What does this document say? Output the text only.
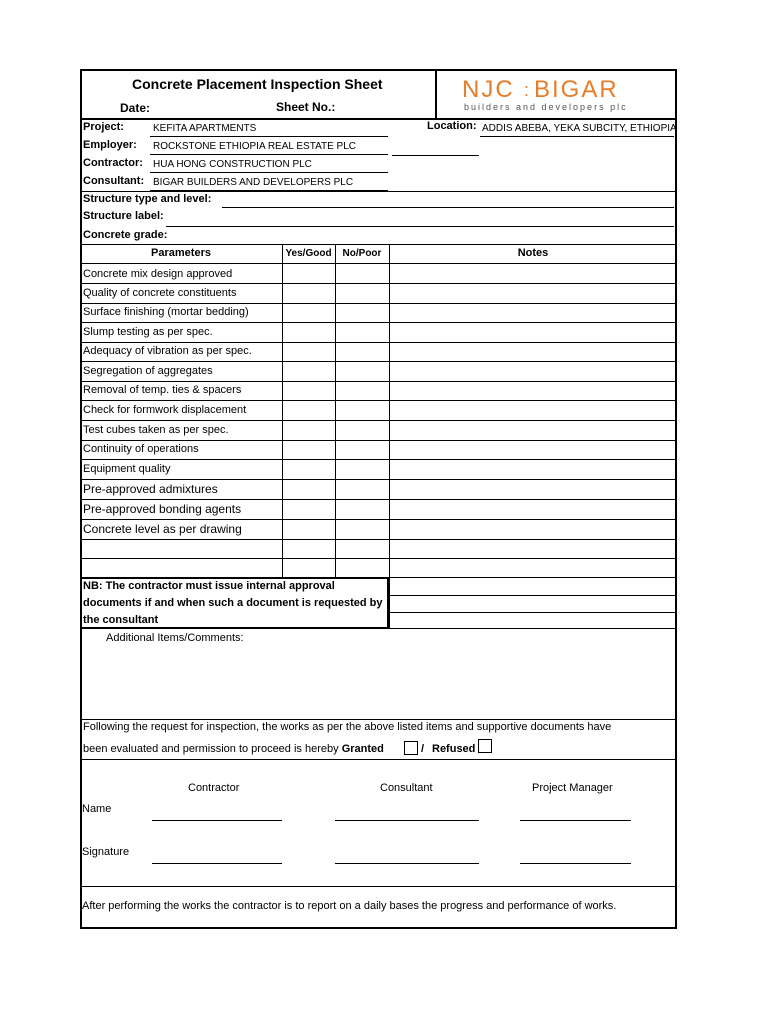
Concrete Placement Inspection Sheet
Date:	Sheet No.:
NJC : BIGAR
builders and developers plc
Project:	KEFITA APARTMENTS
Employer: ROCKSTONE ETHIOPIA REAL ESTATE PLC
Contractor: HUA HONG CONSTRUCTION PLC
Consultant: BIGAR BUILDERS AND DEVELOPERS PLC
Location: ADDIS ABEBA, YEKA SUBCITY, ETHIOPIA
Structure type and level:
Structure label:
Concrete grade:
Parameters	Yes/Good	No/Poor	Notes
Concrete mix design approved
Quality of concrete constituents
Surface finishing (mortar bedding)
Slump testing as per spec.
Adequacy of vibration as per spec.
Segregation of aggregates
Removal of temp. ties & spacers
Check for formwork displacement
Test cubes taken as per spec.
Continuity of operations
Equipment quality
Pre-approved admixtures
Pre-approved bonding agents
Concrete level as per drawing
NB: The contractor must issue internal approval
documents if and when such a document is requested by
the consultant
Additional Items/Comments:
Following the request for inspection, the works as per the above listed items and supportive documents have
been evaluated and permission to proceed is hereby Granted	/ Refused
Contractor	Consultant	Project Manager
Name
Signature
After performing the works the contractor is to report on a daily bases the progress and performance of works.
